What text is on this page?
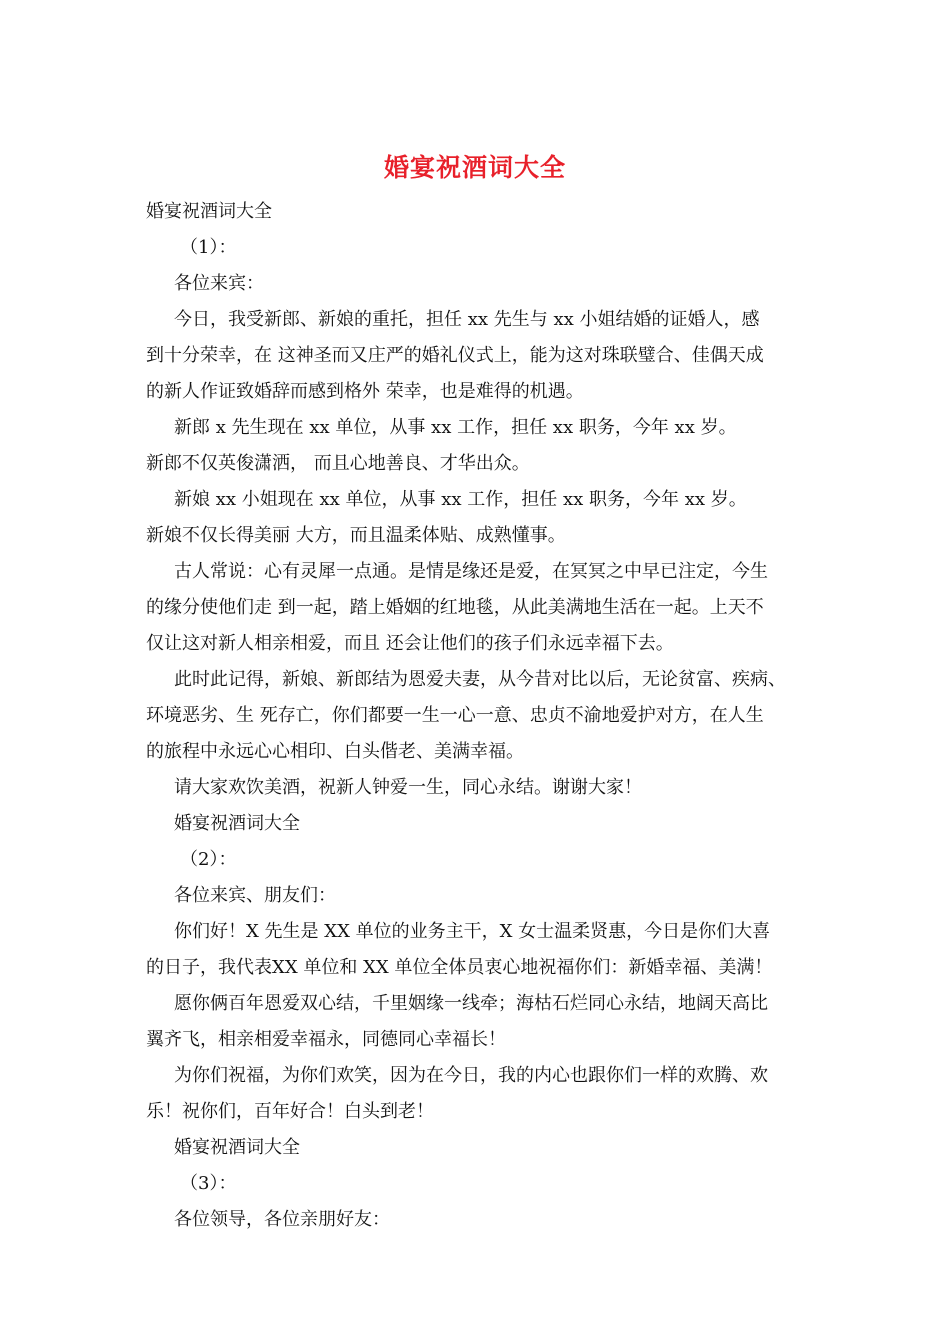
婚宴祝酒词大全
婚宴祝酒词大全
（1）：
各位来宾：
今日，我受新郎、新娘的重托，担任 xx 先生与 xx 小姐结婚的证婚人，感
到十分荣幸，在 这神圣而又庄严的婚礼仪式上，能为这对珠联璧合、佳偶天成
的新人作证致婚辞而感到格外 荣幸，也是难得的机遇。
新郎 x 先生现在 xx 单位，从事 xx 工作，担任 xx 职务，今年 xx 岁。
新郎不仅英俊潇洒， 而且心地善良、才华出众。
新娘 xx 小姐现在 xx 单位，从事 xx 工作，担任 xx 职务，今年 xx 岁。
新娘不仅长得美丽 大方，而且温柔体贴、成熟懂事。
古人常说：心有灵犀一点通。是情是缘还是爱，在冥冥之中早已注定，今生
的缘分使他们走 到一起，踏上婚姻的红地毯，从此美满地生活在一起。上天不
仅让这对新人相亲相爱，而且 还会让他们的孩子们永远幸福下去。
此时此记得，新娘、新郎结为恩爱夫妻，从今昔对比以后，无论贫富、疾病、
环境恶劣、生 死存亡，你们都要一生一心一意、忠贞不渝地爱护对方，在人生
的旅程中永远心心相印、白头偕老、美满幸福。
请大家欢饮美酒，祝新人钟爱一生，同心永结。谢谢大家！
婚宴祝酒词大全
（2）：
各位来宾、朋友们：
你们好！X 先生是 XX 单位的业务主干，X 女士温柔贤惠，今日是你们大喜
的日子，我代表XX 单位和 XX 单位全体员衷心地祝福你们：新婚幸福、美满！
愿你俩百年恩爱双心结，千里姻缘一线牵；海枯石烂同心永结，地阔天高比
翼齐飞，相亲相爱幸福永，同德同心幸福长！
为你们祝福，为你们欢笑，因为在今日，我的内心也跟你们一样的欢腾、欢
乐！祝你们，百年好合！白头到老！
婚宴祝酒词大全
（3）：
各位领导，各位亲朋好友：
